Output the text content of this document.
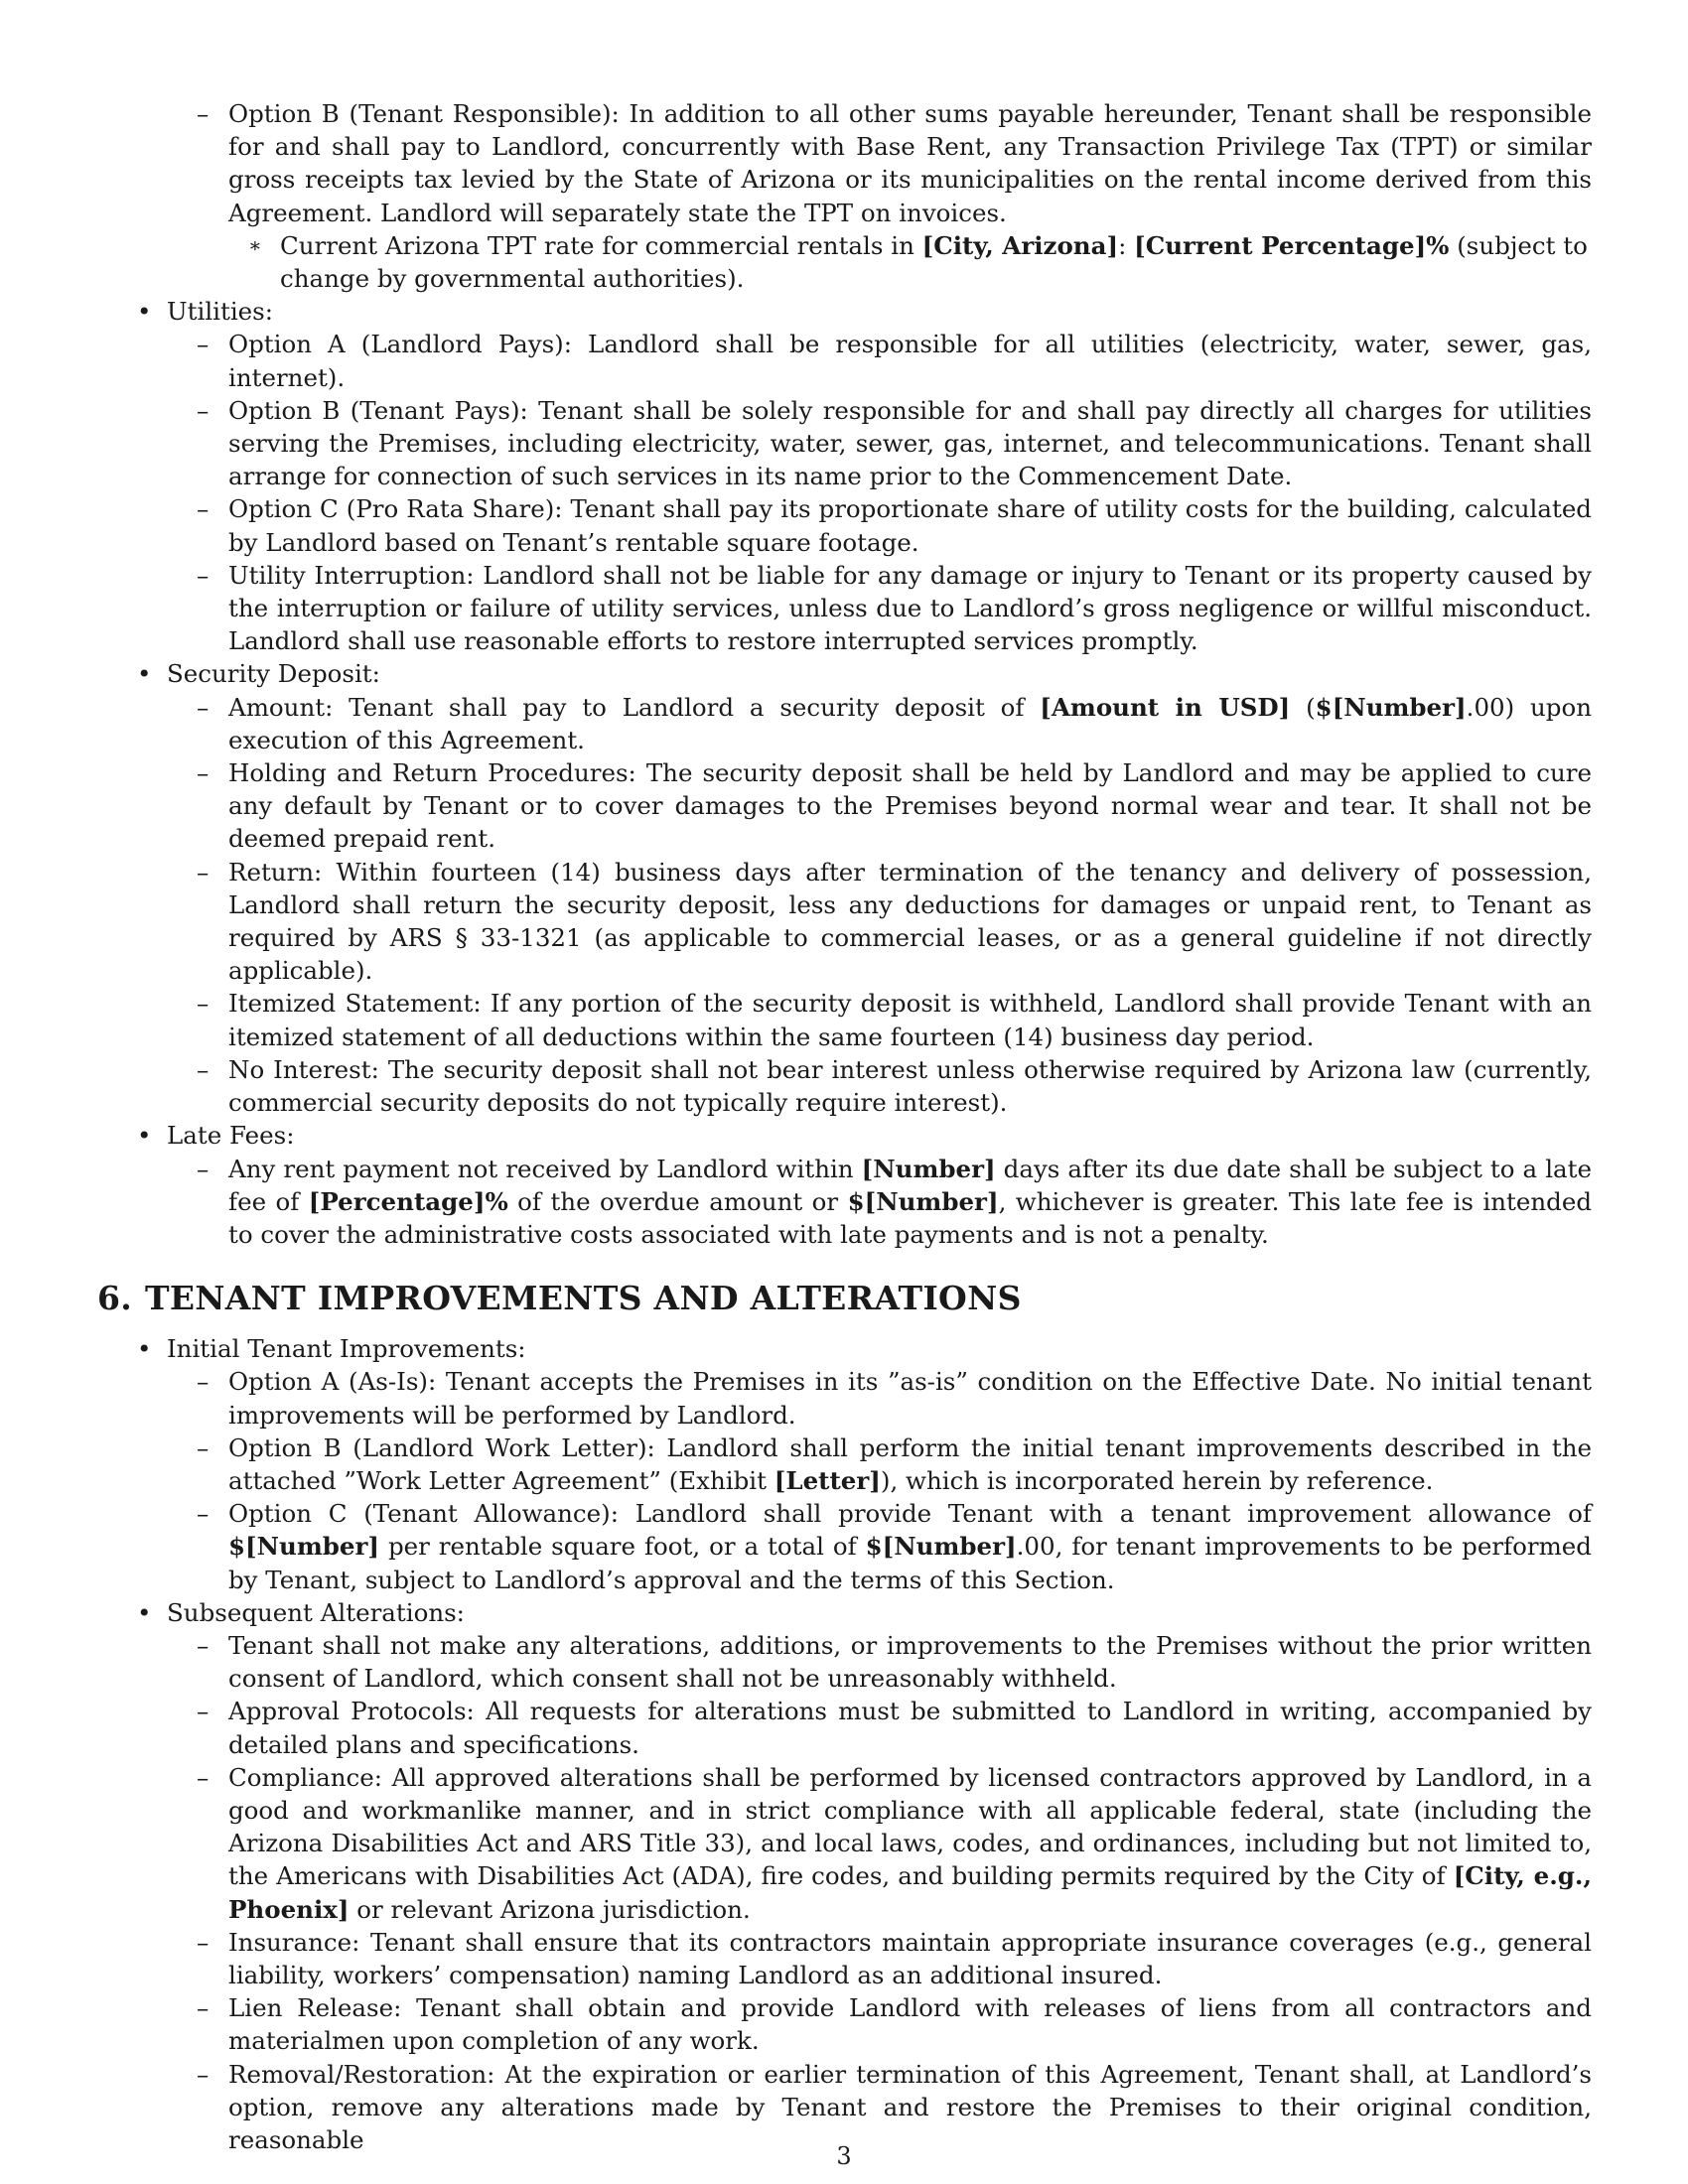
– Option B (Tenant Responsible): In addition to all other sums payable hereunder, Tenant shall be responsible for and shall pay to Landlord, concurrently with Base Rent, any Transaction Privilege Tax (TPT) or similar gross receipts tax levied by the State of Arizona or its municipalities on the rental income derived from this Agreement. Landlord will separately state the TPT on invoices.
∗ Current Arizona TPT rate for commercial rentals in [City, Arizona]: [Current Percentage]% (subject to change by governmental authorities).
• Utilities:
– Option A (Landlord Pays): Landlord shall be responsible for all utilities (electricity, water, sewer, gas, internet).
– Option B (Tenant Pays): Tenant shall be solely responsible for and shall pay directly all charges for utilities serving the Premises, including electricity, water, sewer, gas, internet, and telecommunications. Tenant shall arrange for connection of such services in its name prior to the Commencement Date.
– Option C (Pro Rata Share): Tenant shall pay its proportionate share of utility costs for the building, calculated by Landlord based on Tenant’s rentable square footage.
– Utility Interruption: Landlord shall not be liable for any damage or injury to Tenant or its property caused by the interruption or failure of utility services, unless due to Landlord’s gross negligence or willful misconduct. Landlord shall use reasonable efforts to restore interrupted services promptly.
• Security Deposit:
– Amount: Tenant shall pay to Landlord a security deposit of [Amount in USD] ($[Number].00) upon execution of this Agreement.
– Holding and Return Procedures: The security deposit shall be held by Landlord and may be applied to cure any default by Tenant or to cover damages to the Premises beyond normal wear and tear. It shall not be deemed prepaid rent.
– Return: Within fourteen (14) business days after termination of the tenancy and delivery of possession, Landlord shall return the security deposit, less any deductions for damages or unpaid rent, to Tenant as required by ARS § 33-1321 (as applicable to commercial leases, or as a general guideline if not directly applicable).
– Itemized Statement: If any portion of the security deposit is withheld, Landlord shall provide Tenant with an itemized statement of all deductions within the same fourteen (14) business day period.
– No Interest: The security deposit shall not bear interest unless otherwise required by Arizona law (currently, commercial security deposits do not typically require interest).
• Late Fees:
– Any rent payment not received by Landlord within [Number] days after its due date shall be subject to a late fee of [Percentage]% of the overdue amount or $[Number], whichever is greater. This late fee is intended to cover the administrative costs associated with late payments and is not a penalty.
6. TENANT IMPROVEMENTS AND ALTERATIONS
• Initial Tenant Improvements:
– Option A (As-Is): Tenant accepts the Premises in its ”as-is” condition on the Effective Date. No initial tenant improvements will be performed by Landlord.
– Option B (Landlord Work Letter): Landlord shall perform the initial tenant improvements described in the attached ”Work Letter Agreement” (Exhibit [Letter]), which is incorporated herein by reference.
– Option C (Tenant Allowance): Landlord shall provide Tenant with a tenant improvement allowance of $[Number] per rentable square foot, or a total of $[Number].00, for tenant improvements to be performed by Tenant, subject to Landlord’s approval and the terms of this Section.
• Subsequent Alterations:
– Tenant shall not make any alterations, additions, or improvements to the Premises without the prior written consent of Landlord, which consent shall not be unreasonably withheld.
– Approval Protocols: All requests for alterations must be submitted to Landlord in writing, accompanied by detailed plans and specifications.
– Compliance: All approved alterations shall be performed by licensed contractors approved by Landlord, in a good and workmanlike manner, and in strict compliance with all applicable federal, state (including the Arizona Disabilities Act and ARS Title 33), and local laws, codes, and ordinances, including but not limited to, the Americans with Disabilities Act (ADA), fire codes, and building permits required by the City of [City, e.g., Phoenix] or relevant Arizona jurisdiction.
– Insurance: Tenant shall ensure that its contractors maintain appropriate insurance coverages (e.g., general liability, workers’ compensation) naming Landlord as an additional insured.
– Lien Release: Tenant shall obtain and provide Landlord with releases of liens from all contractors and materialmen upon completion of any work.
– Removal/Restoration: At the expiration or earlier termination of this Agreement, Tenant shall, at Landlord’s option, remove any alterations made by Tenant and restore the Premises to their original condition, reasonable
3
